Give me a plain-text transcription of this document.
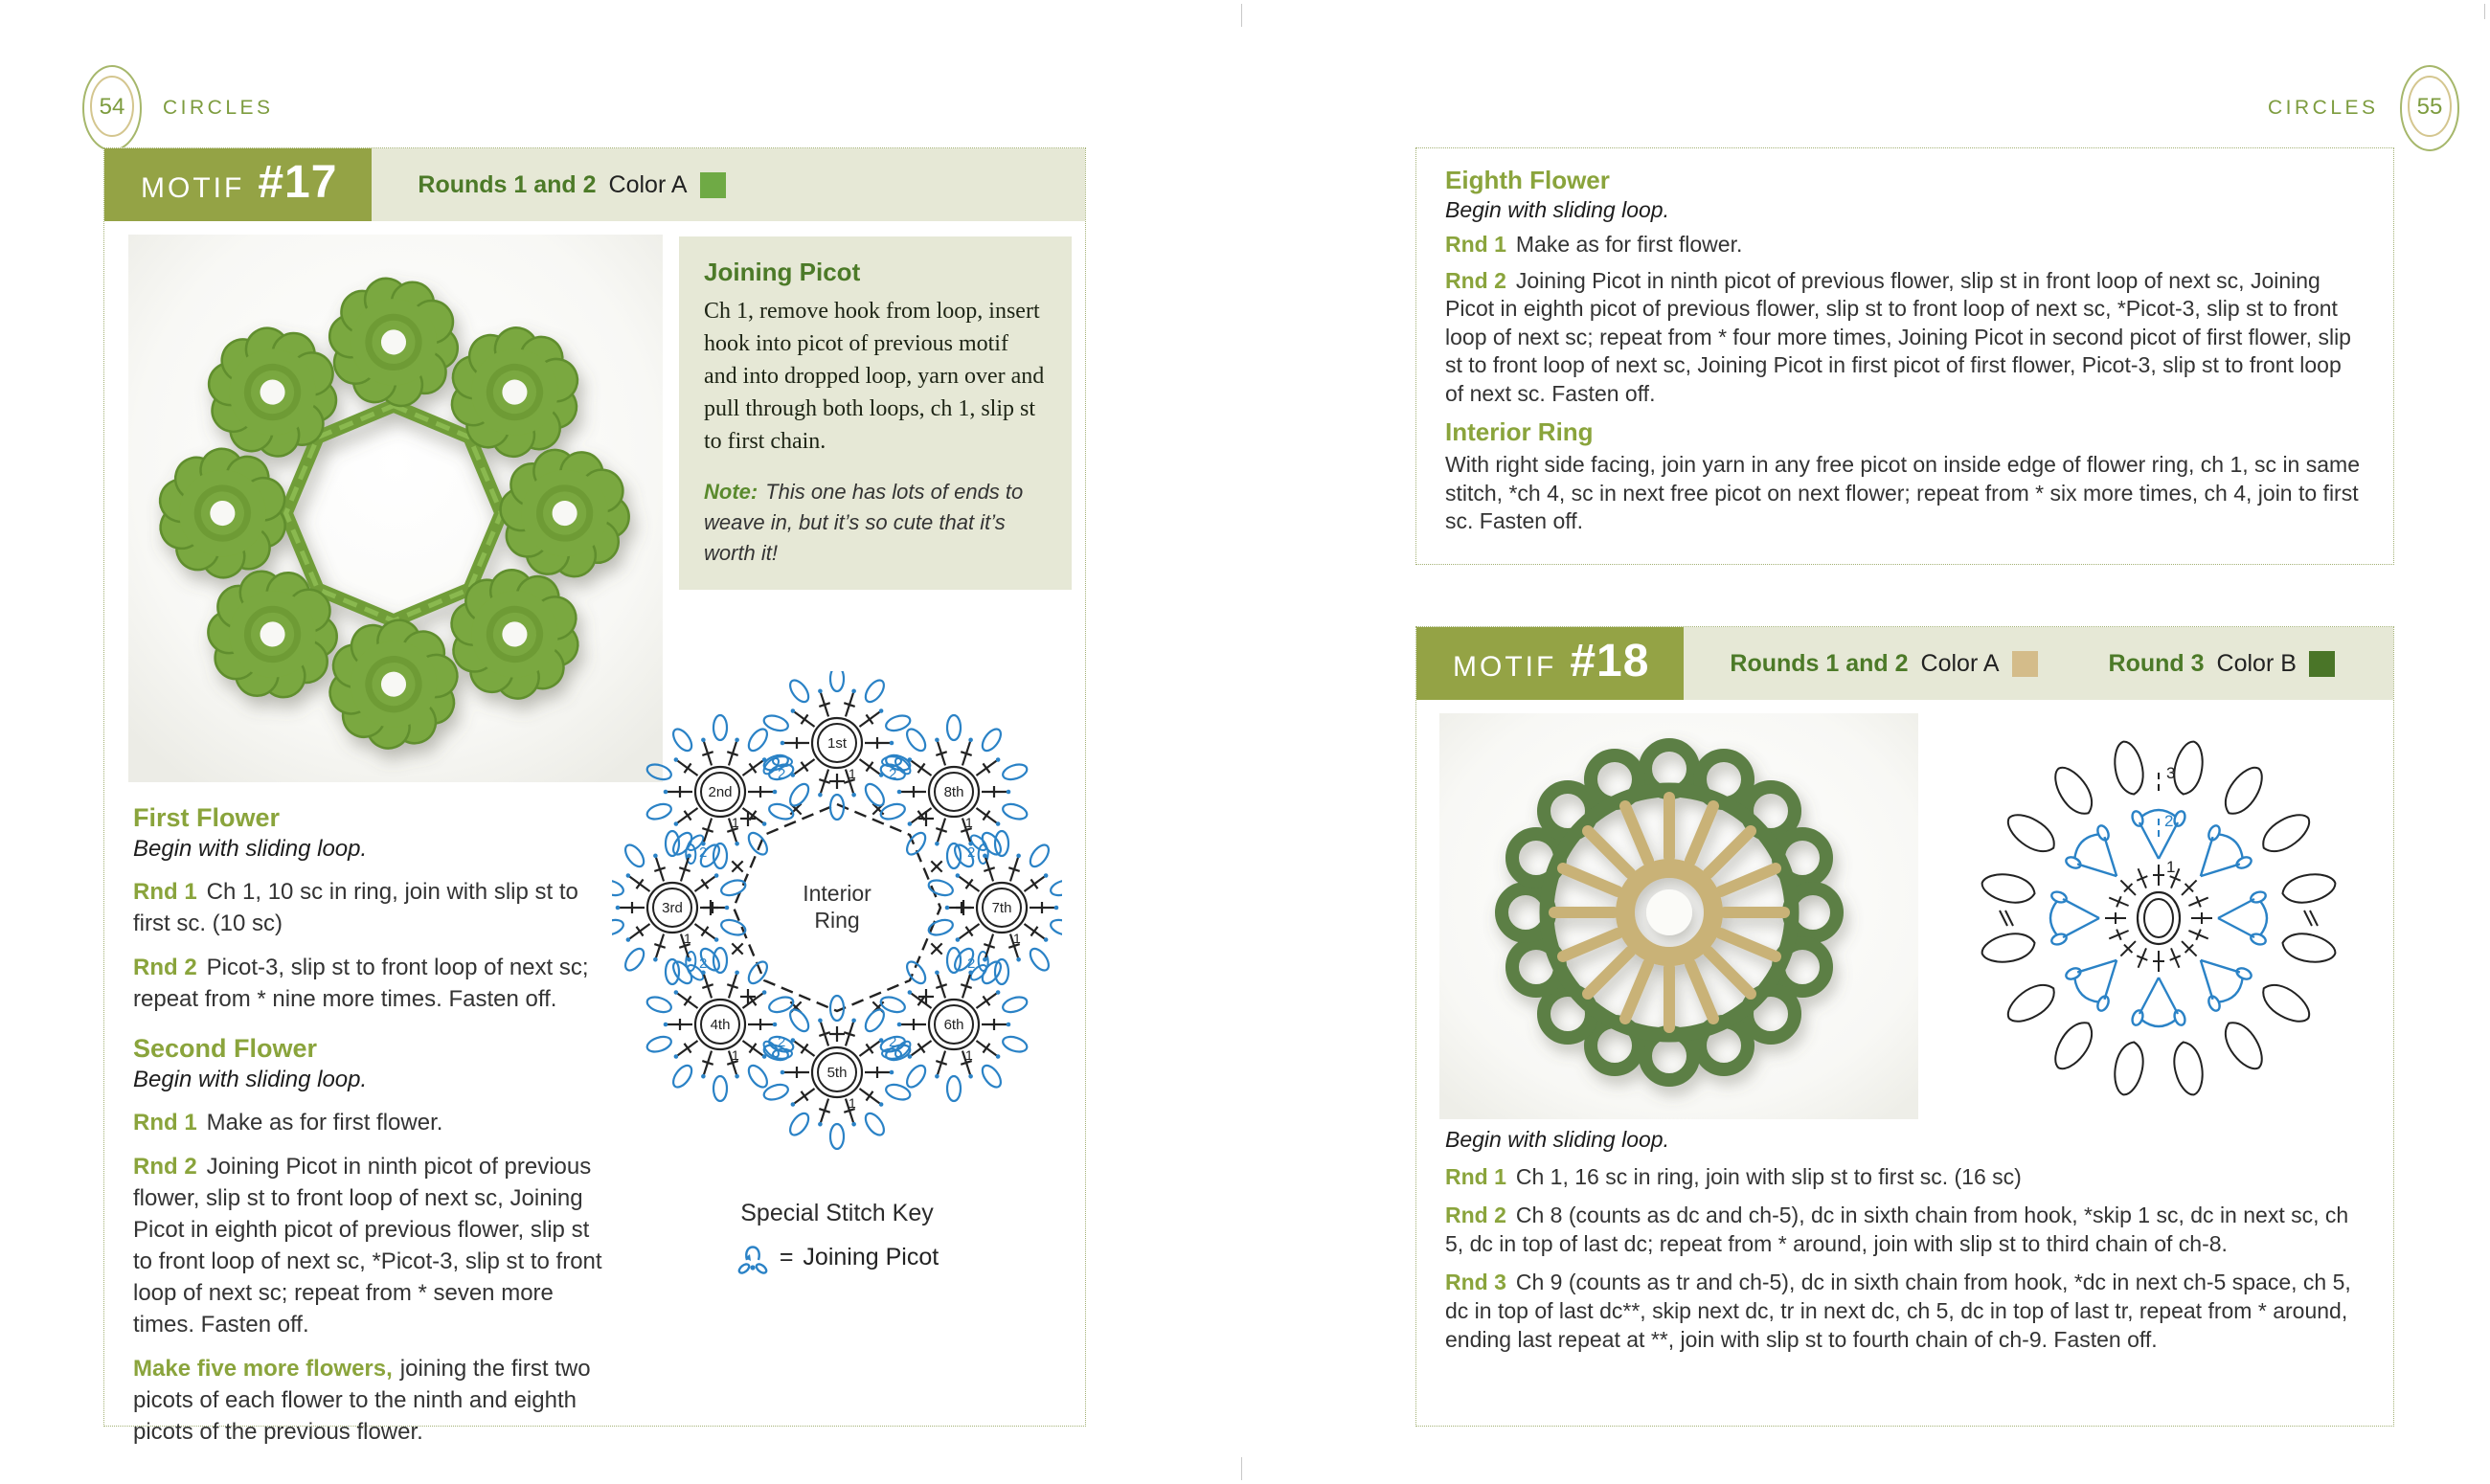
54 CIRCLES	CIRCLES 55
MOTIF #17	Rounds 1 and 2 Color A
Joining Picot

Ch 1, remove hook from loop, insert hook into picot of previous motif and into dropped loop, yarn over and pull through both loops, ch 1, slip st to first chain.

Note: This one has lots of ends to weave in, but it’s so cute that it’s worth it!

First Flower

Begin with sliding loop.

Rnd 1 Ch 1, 10 sc in ring, join with slip st to first sc. (10 sc)

Rnd 2 Picot-3, slip st to front loop of next sc; repeat from * nine more times. Fasten off.

Second Flower

Begin with sliding loop.

Rnd 1 Make as for first flower.

Rnd 2 Joining Picot in ninth picot of previous flower, slip st to front loop of next sc, Joining Picot in eighth picot of previous flower, slip st to front loop of next sc, *Picot-3, slip st to front loop of next sc; repeat from * seven more times. Fasten off.

Make five more flowers, joining the first two picots of each flower to the ninth and eighth picots of the previous flower.

1st
2nd
3rd
4th
5th
6th
7th
8th
1
1
1
1
1
1
1
1
2
2
2
2
2
2
2
2
Interior
Ring

Special Stitch Key

= Joining Picot
Eighth Flower

Begin with sliding loop.

Rnd 1 Make as for first flower.

Rnd 2 Joining Picot in ninth picot of previous flower, slip st in front loop of next sc, Joining Picot in eighth picot of previous flower, slip st to front loop of next sc, *Picot-3, slip st to front loop of next sc; repeat from * four more times, Joining Picot in second picot of first flower, slip st to front loop of next sc, Joining Picot in first picot of first flower, Picot-3, slip st to front loop of next sc. Fasten off.

Interior Ring

With right side facing, join yarn in any free picot on inside edge of flower ring, ch 1, sc in same stitch, *ch 4, sc in next free picot on next flower; repeat from * six more times, ch 4, join to first sc. Fasten off.

MOTIF #18	Rounds 1 and 2 Color A	Round 3 Color B
3
2
1

Begin with sliding loop.

Rnd 1 Ch 1, 16 sc in ring, join with slip st to first sc. (16 sc)

Rnd 2 Ch 8 (counts as dc and ch-5), dc in sixth chain from hook, *skip 1 sc, dc in next sc, ch 5, dc in top of last dc; repeat from * around, join with slip st to third chain of ch-8.

Rnd 3 Ch 9 (counts as tr and ch-5), dc in sixth chain from hook, *dc in next ch-5 space, ch 5, dc in top of last dc**, skip next dc, tr in next dc, ch 5, dc in top of last tr, repeat from * around, ending last repeat at **, join with slip st to fourth chain of ch-9. Fasten off.
